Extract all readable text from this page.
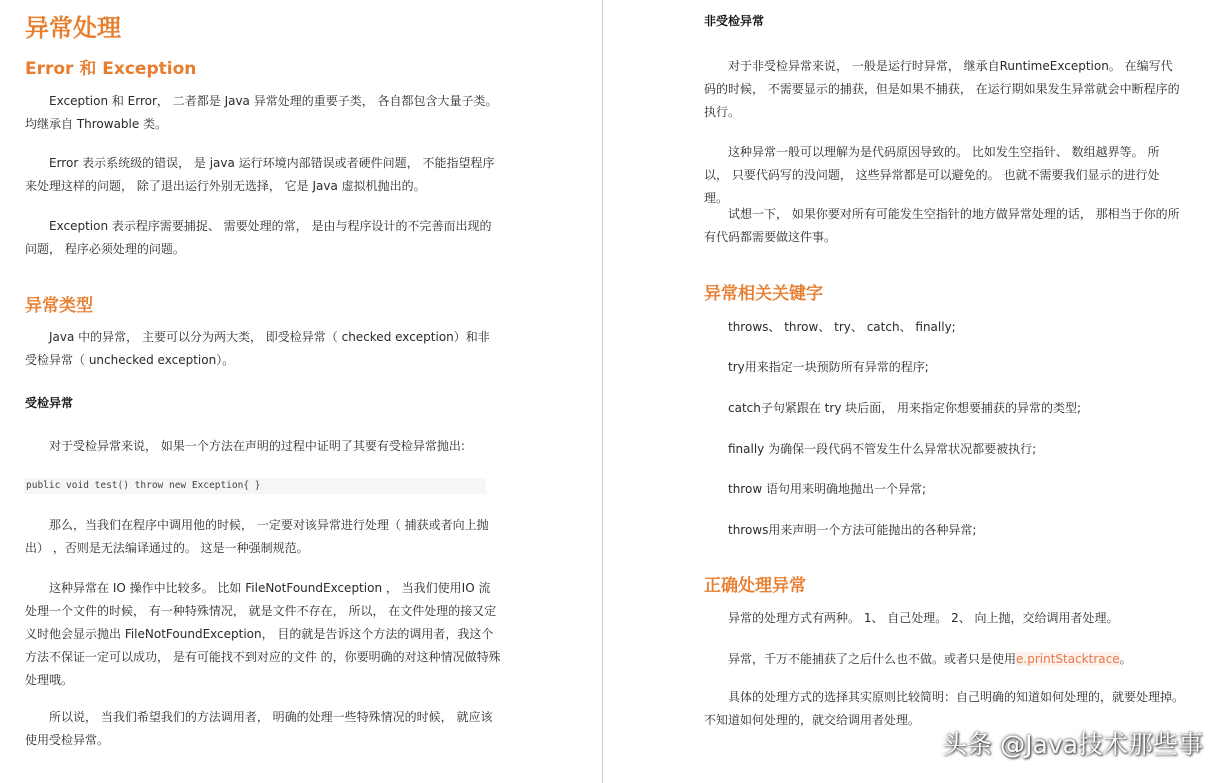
异常处理
Error 和 Exception
Exception 和 Error， 二者都是 Java 异常处理的重要子类， 各自都包含大量子类。均继承自 Throwable 类。
Error 表示系统级的错误， 是 java 运行环境内部错误或者硬件问题， 不能指望程序来处理这样的问题， 除了退出运行外别无选择， 它是 Java 虚拟机抛出的。
Exception 表示程序需要捕捉、 需要处理的常， 是由与程序设计的不完善而出现的问题， 程序必须处理的问题。
异常类型
Java 中的异常， 主要可以分为两大类， 即受检异常（ checked exception）和非受检异常（ unchecked exception）。
受检异常
对于受检异常来说， 如果一个方法在声明的过程中证明了其要有受检异常抛出:
public void test() throw new Exception{ }
那么，当我们在程序中调用他的时候， 一定要对该异常进行处理（ 捕获或者向上抛出） ，否则是无法编译通过的。 这是一种强制规范。
这种异常在 IO 操作中比较多。 比如 FileNotFoundException ， 当我们使用IO 流处理一个文件的时候， 有一种特殊情况， 就是文件不存在， 所以， 在文件处理的接又定义时他会显示抛出 FileNotFoundException， 目的就是告诉这个方法的调用者，我这个方法不保证一定可以成功， 是有可能找不到对应的文件 的，你要明确的对这种情况做特殊处理哦。
所以说， 当我们希望我们的方法调用者， 明确的处理一些特殊情况的时候， 就应该使用受检异常。
非受检异常
对于非受检异常来说， 一般是运行时异常， 继承自RuntimeException。 在编写代码的时候， 不需要显示的捕获，但是如果不捕获， 在运行期如果发生异常就会中断程序的执行。
这种异常一般可以理解为是代码原因导致的。 比如发生空指针、 数组越界等。 所以， 只要代码写的没问题， 这些异常都是可以避免的。 也就不需要我们显示的进行处理。
试想一下， 如果你要对所有可能发生空指针的地方做异常处理的话， 那相当于你的所有代码都需要做这件事。
异常相关关键字
throws、 throw、 try、 catch、 finally;
try用来指定一块预防所有异常的程序;
catch子句紧跟在 try 块后面， 用来指定你想要捕获的异常的类型;
finally 为确保一段代码不管发生什么异常状况都要被执行;
throw 语句用来明确地抛出一个异常;
throws用来声明一个方法可能抛出的各种异常;
正确处理异常
异常的处理方式有两种。 1、 自己处理。 2、 向上抛，交给调用者处理。
异常，千万不能捕获了之后什么也不做。或者只是使用e.printStacktrace。
具体的处理方式的选择其实原则比较简明：自己明确的知道如何处理的，就要处理掉。不知道如何处理的，就交给调用者处理。
头条 @Java技术那些事
